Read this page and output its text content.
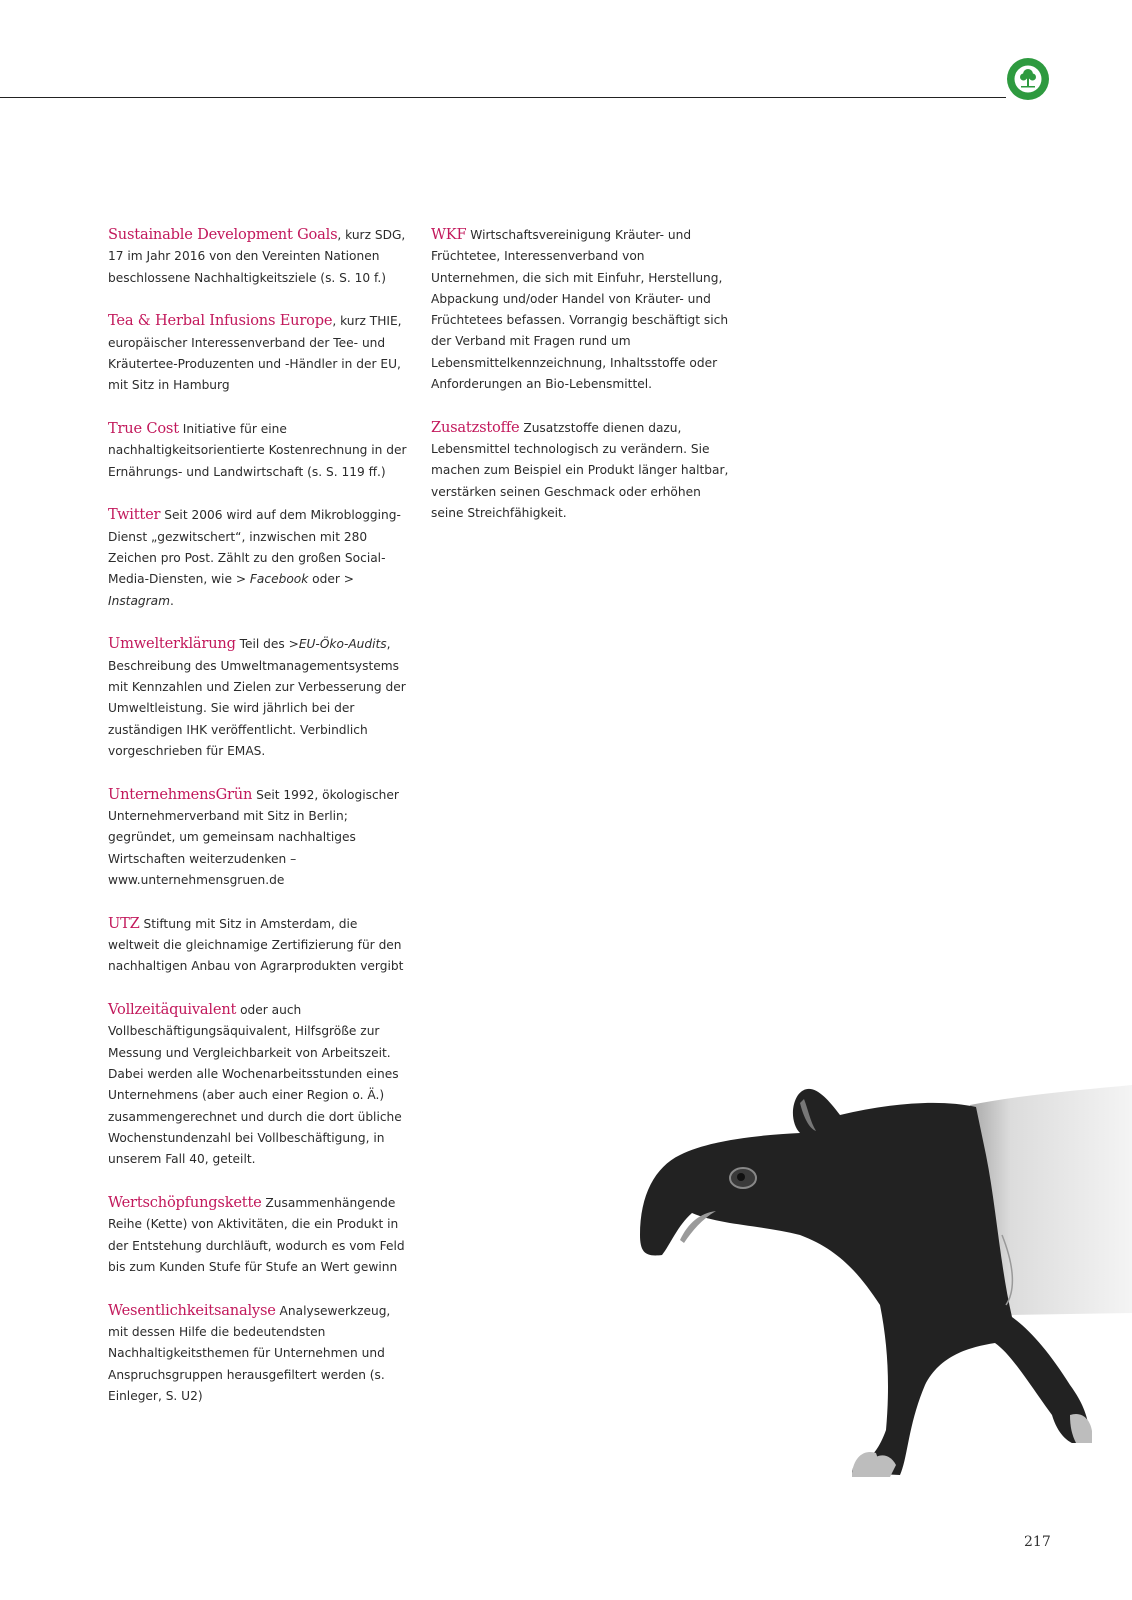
Sustainable Development Goals, kurz SDG, 17 im Jahr 2016 von den Vereinten Nationen beschlossene Nachhaltigkeitsziele (s. S. 10 f.)

Tea & Herbal Infusions Europe, kurz THIE, europäischer Interessenverband der Tee- und Kräutertee-Produzenten und -Händler in der EU, mit Sitz in Hamburg

True Cost Initiative für eine nachhaltigkeitsorientierte Kostenrechnung in der Ernährungs- und Landwirtschaft (s. S. 119 ff.)

Twitter Seit 2006 wird auf dem Mikroblogging-Dienst „gezwitschert“, inzwischen mit 280 Zeichen pro Post. Zählt zu den großen Social-Media-Diensten, wie > Facebook oder > Instagram.

Umwelterklärung Teil des >EU-Öko-Audits, Beschreibung des Umweltmanagementsystems mit Kennzahlen und Zielen zur Verbesserung der Umweltleistung. Sie wird jährlich bei der zuständigen IHK veröffentlicht. Verbindlich vorgeschrieben für EMAS.

UnternehmensGrün Seit 1992, ökologischer Unternehmerverband mit Sitz in Berlin; gegründet, um gemeinsam nachhaltiges Wirtschaften weiterzudenken – www.unternehmensgruen.de

UTZ Stiftung mit Sitz in Amsterdam, die weltweit die gleichnamige Zertifizierung für den nachhaltigen Anbau von Agrarprodukten vergibt

Vollzeitäquivalent oder auch Vollbeschäftigungsäquivalent, Hilfsgröße zur Messung und Vergleichbarkeit von Arbeitszeit. Dabei werden alle Wochenarbeitsstunden eines Unternehmens (aber auch einer Region o. Ä.) zusammengerechnet und durch die dort übliche Wochenstundenzahl bei Vollbeschäftigung, in unserem Fall 40, geteilt.

Wertschöpfungskette Zusammenhängende Reihe (Kette) von Aktivitäten, die ein Produkt in der Entstehung durchläuft, wodurch es vom Feld bis zum Kunden Stufe für Stufe an Wert gewinn

Wesentlichkeitsanalyse Analysewerkzeug, mit dessen Hilfe die bedeutendsten Nachhaltigkeitsthemen für Unternehmen und Anspruchsgruppen herausgefiltert werden (s. Einleger, S. U2)

WKF Wirtschaftsvereinigung Kräuter- und Früchtetee, Interessenverband von Unternehmen, die sich mit Einfuhr, Herstellung, Abpackung und/oder Handel von Kräuter- und Früchtetees befassen. Vorrangig beschäftigt sich der Verband mit Fragen rund um Lebensmittelkennzeichnung, Inhaltsstoffe oder Anforderungen an Bio-Lebensmittel.

Zusatzstoffe Zusatzstoffe dienen dazu, Lebensmittel technologisch zu verändern. Sie machen zum Beispiel ein Produkt länger haltbar, verstärken seinen Geschmack oder erhöhen seine Streichfähigkeit.

217
